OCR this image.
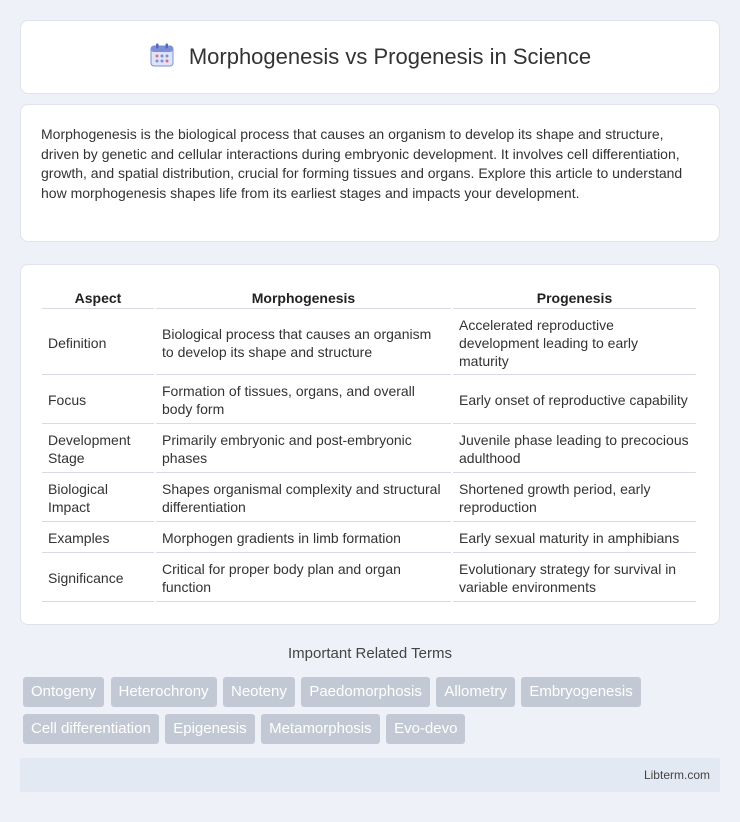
Morphogenesis vs Progenesis in Science

Morphogenesis is the biological process that causes an organism to develop its shape and structure, driven by genetic and cellular interactions during embryonic development. It involves cell differentiation, growth, and spatial distribution, crucial for forming tissues and organs. Explore this article to understand how morphogenesis shapes life from its earliest stages and impacts your development.

Aspect	Morphogenesis	Progenesis
Definition	Biological process that causes an organism to develop its shape and structure	Accelerated reproductive development leading to early maturity
Focus	Formation of tissues, organs, and overall body form	Early onset of reproductive capability
Development Stage	Primarily embryonic and post-embryonic phases	Juvenile phase leading to precocious adulthood
Biological Impact	Shapes organismal complexity and structural differentiation	Shortened growth period, early reproduction
Examples	Morphogen gradients in limb formation	Early sexual maturity in amphibians
Significance	Critical for proper body plan and organ function	Evolutionary strategy for survival in variable environments
Important Related Terms
Ontogeny Heterochrony Neoteny Paedomorphosis Allometry Embryogenesis Cell differentiation Epigenesis Metamorphosis Evo-devo
Libterm.com
